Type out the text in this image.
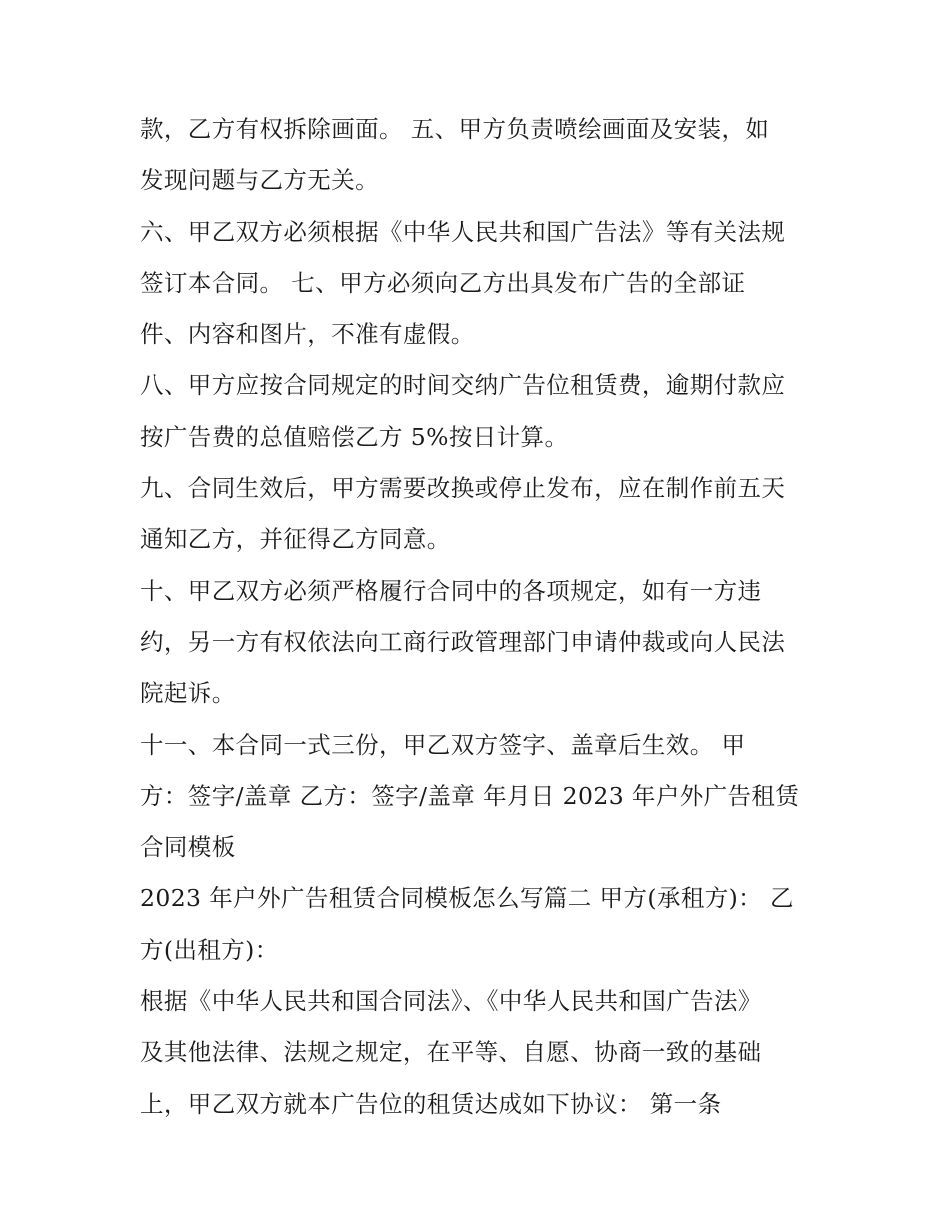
款，乙方有权拆除画面。 五、甲方负责喷绘画面及安装，如
发现问题与乙方无关。
六、甲乙双方必须根据《中华人民共和国广告法》等有关法规
签订本合同。 七、甲方必须向乙方出具发布广告的全部证
件、内容和图片，不准有虚假。
八、甲方应按合同规定的时间交纳广告位租赁费，逾期付款应
按广告费的总值赔偿乙方 5%按日计算。
九、合同生效后，甲方需要改换或停止发布，应在制作前五天
通知乙方，并征得乙方同意。
十、甲乙双方必须严格履行合同中的各项规定，如有一方违
约，另一方有权依法向工商行政管理部门申请仲裁或向人民法
院起诉。
十一、本合同一式三份，甲乙双方签字、盖章后生效。 甲
方：签字/盖章 乙方：签字/盖章 年月日 2023 年户外广告租赁
合同模板
2023 年户外广告租赁合同模板怎么写篇二 甲方(承租方)： 乙
方(出租方)：
根据《中华人民共和国合同法》、《中华人民共和国广告法》
及其他法律、法规之规定，在平等、自愿、协商一致的基础
上，甲乙双方就本广告位的租赁达成如下协议： 第一条
